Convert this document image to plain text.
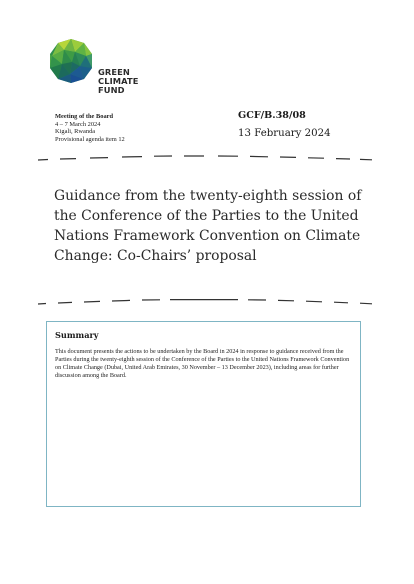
GREEN
CLIMATE
FUND
Meeting of the Board
4 – 7 March 2024
Kigali, Rwanda
Provisional agenda item 12
GCF/B.38/08
13 February 2024
Guidance from the twenty-eighth session of the Conference of the Parties to the United Nations Framework Convention on Climate Change: Co-Chairs’ proposal
Summary

This document presents the actions to be undertaken by the Board in 2024 in response to guidance received from the Parties during the twenty-eighth session of the Conference of the Parties to the United Nations Framework Convention on Climate Change (Dubai, United Arab Emirates, 30 November – 13 December 2023), including areas for further discussion among the Board.
